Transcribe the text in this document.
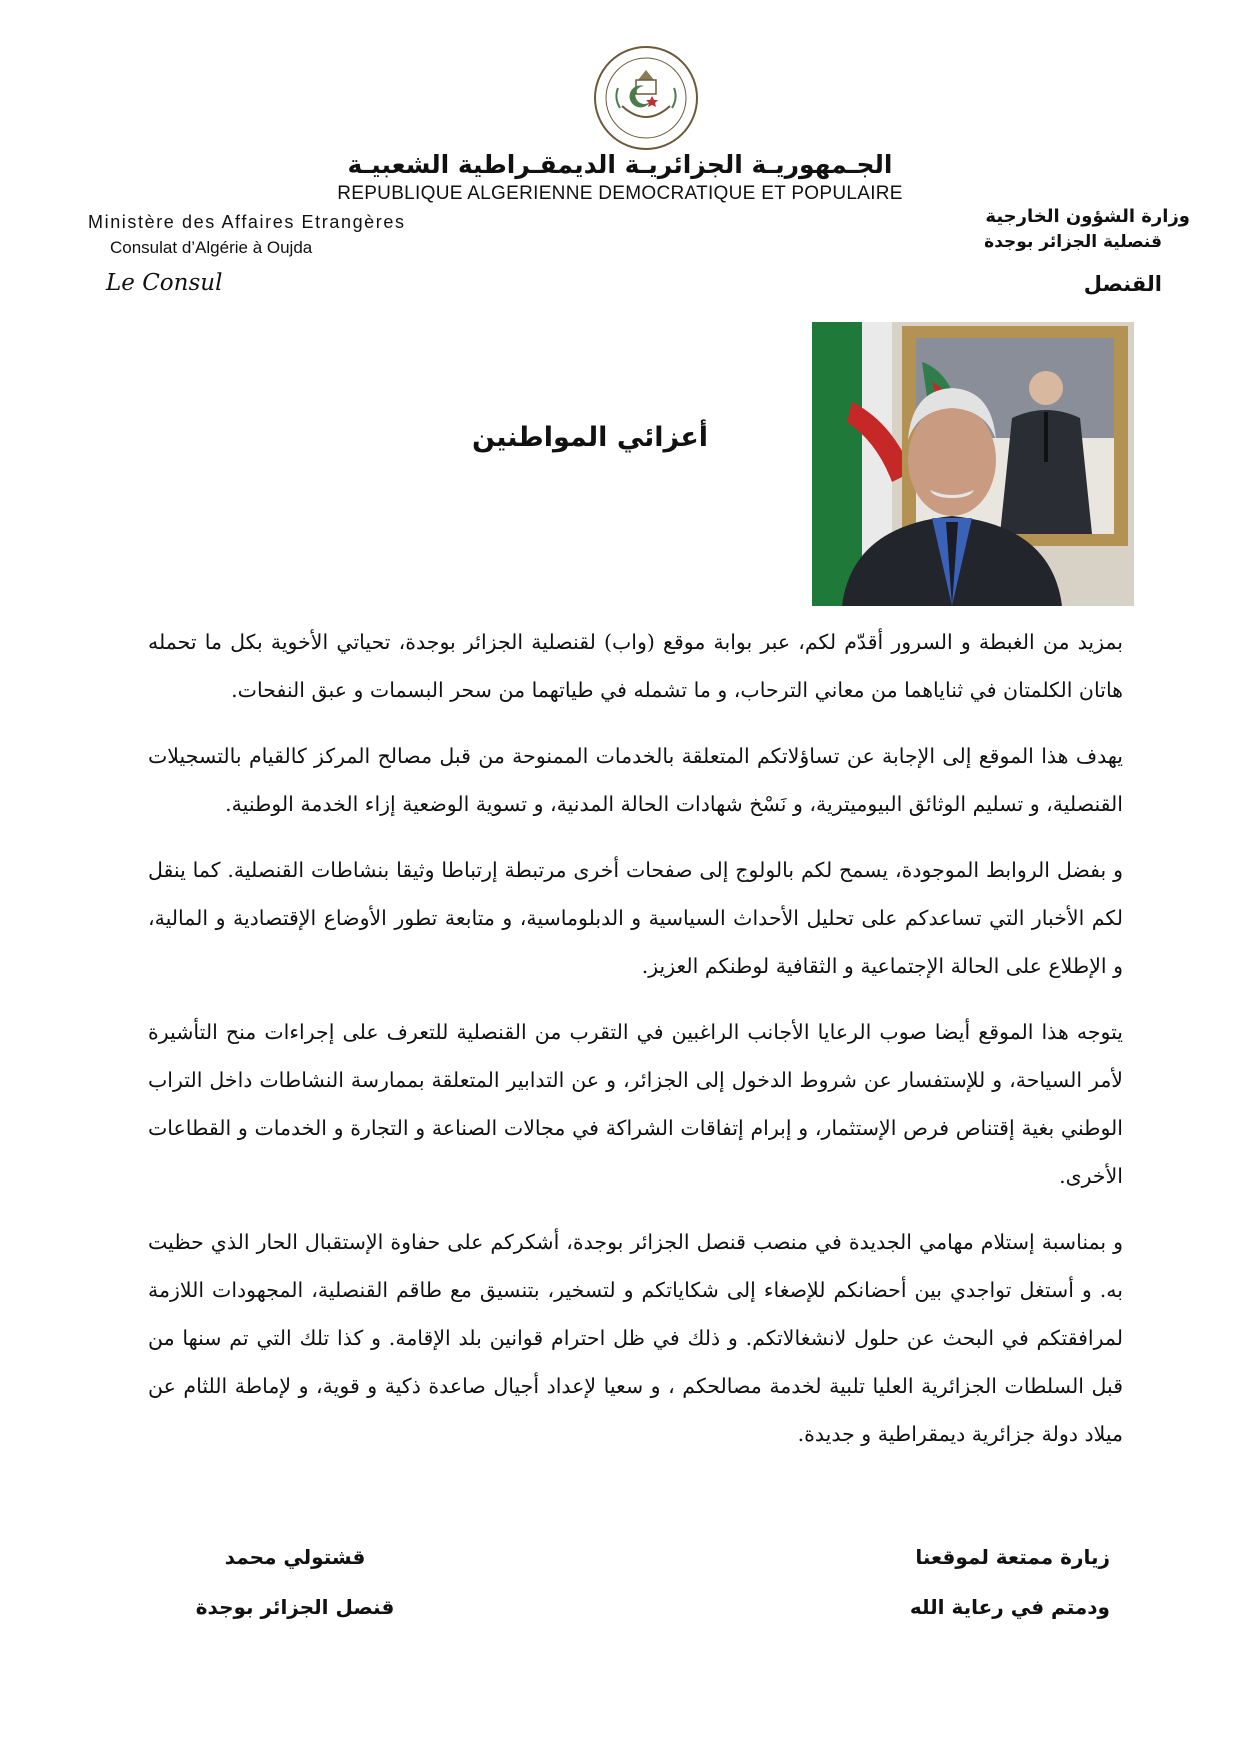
الجـمهوريـة الجزائريـة الديمقـراطية الشعبيـة
REPUBLIQUE ALGERIENNE DEMOCRATIQUE ET POPULAIRE
Ministère des Affaires Etrangères
Consulat d’Algérie à Oujda
Le Consul
وزارة الشؤون الخارجية
قنصلية الجزائر بوجدة
القنصل
أعزائي المواطنين

بمزيد من الغبطة و السرور أقدّم لكم، عبر بوابة موقع (واب) لقنصلية الجزائر بوجدة، تحياتي الأخوية بكل ما تحمله هاتان الكلمتان في ثناياهما من معاني الترحاب، و ما تشمله في طياتهما من سحر البسمات و عبق النفحات.

يهدف هذا الموقع إلى الإجابة عن تساؤلاتكم المتعلقة بالخدمات الممنوحة من قبل مصالح المركز كالقيام بالتسجيلات القنصلية، و تسليم الوثائق البيوميترية، و نَسْخ شهادات الحالة المدنية، و تسوية الوضعية إزاء الخدمة الوطنية.

و بفضل الروابط الموجودة، يسمح لكم بالولوج إلى صفحات أخرى مرتبطة إرتباطا وثيقا بنشاطات القنصلية. كما ينقل لكم الأخبار التي تساعدكم على تحليل الأحداث السياسية و الدبلوماسية، و متابعة تطور الأوضاع الإقتصادية و المالية، و الإطلاع على الحالة الإجتماعية و الثقافية لوطنكم العزيز.

يتوجه هذا الموقع أيضا صوب الرعايا الأجانب الراغبين في التقرب من القنصلية للتعرف على إجراءات منح التأشيرة لأمر السياحة، و للإستفسار عن شروط الدخول إلى الجزائر، و عن التدابير المتعلقة بممارسة النشاطات داخل التراب الوطني بغية إقتناص فرص الإستثمار، و إبرام إتفاقات الشراكة في مجالات الصناعة و التجارة و الخدمات و القطاعات الأخرى.

و بمناسبة إستلام مهامي الجديدة في منصب قنصل الجزائر بوجدة، أشكركم على حفاوة الإستقبال الحار الذي حظيت به. و أستغل تواجدي بين أحضانكم للإصغاء إلى شكاياتكم و لتسخير، بتنسيق مع طاقم القنصلية، المجهودات اللازمة لمرافقتكم في البحث عن حلول لانشغالاتكم. و ذلك في ظل احترام قوانين بلد الإقامة. و كذا تلك التي تم سنها من قبل السلطات الجزائرية العليا تلبية لخدمة مصالحكم ، و سعيا لإعداد أجيال صاعدة ذكية و قوية، و لإماطة اللثام عن ميلاد دولة جزائرية ديمقراطية و جديدة.

زيارة ممتعة لموقعنا
ودمتم في رعاية الله
قشتولي محمد
قنصل الجزائر بوجدة
